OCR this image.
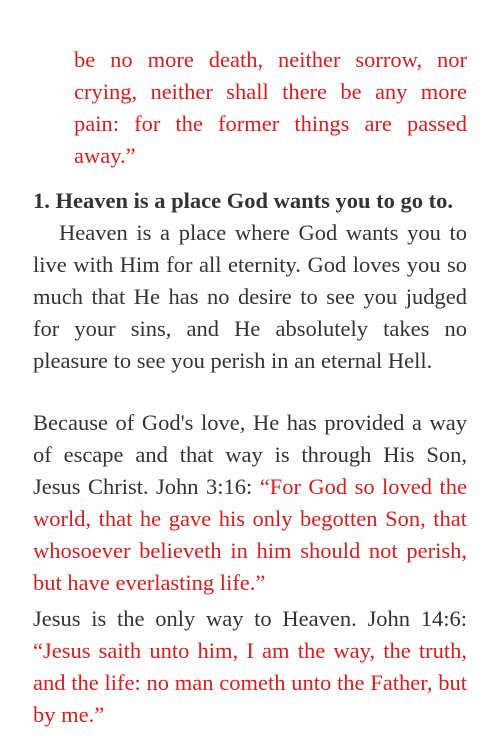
be no more death, neither sorrow, nor crying, neither shall there be any more pain: for the former things are passed away.”

1. Heaven is a place God wants you to go to.

Heaven is a place where God wants you to live with Him for all eternity. God loves you so much that He has no desire to see you judged for your sins, and He absolutely takes no pleasure to see you perish in an eternal Hell.

Because of God's love, He has provided a way of escape and that way is through His Son, Jesus Christ. John 3:16: “For God so loved the world, that he gave his only begotten Son, that whosoever believeth in him should not perish, but have everlasting life.”

Jesus is the only way to Heaven. John 14:6: “Jesus saith unto him, I am the way, the truth, and the life: no man cometh unto the Father, but by me.”
